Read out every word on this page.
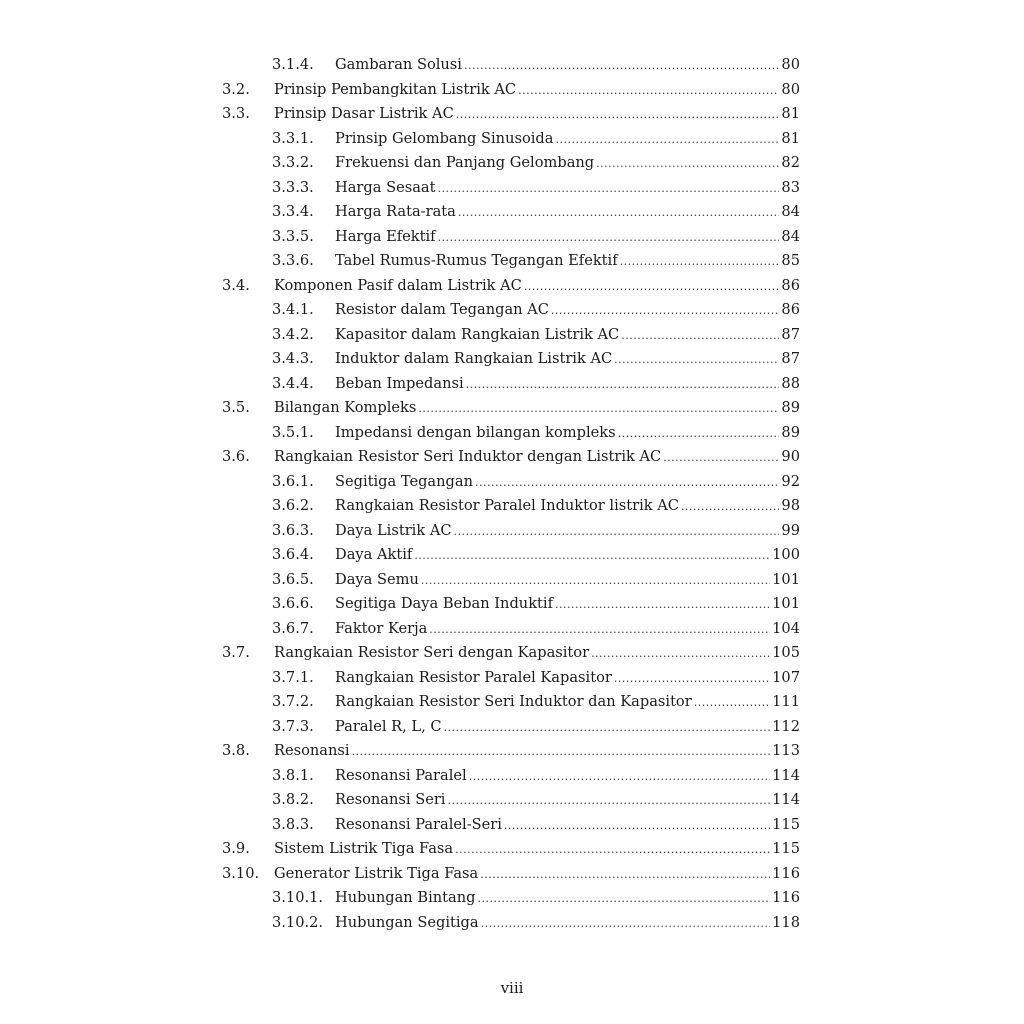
3.1.4. Gambaran Solusi .....	80
3.2. Prinsip Pembangkitan Listrik AC .....	80
3.3. Prinsip Dasar Listrik AC .....	81
3.3.1. Prinsip Gelombang Sinusoida .....	81
3.3.2. Frekuensi dan Panjang Gelombang .....	82
3.3.3. Harga Sesaat .....	83
3.3.4. Harga Rata-rata .....	84
3.3.5. Harga Efektif .....	84
3.3.6. Tabel Rumus-Rumus Tegangan Efektif .....	85
3.4. Komponen Pasif dalam Listrik AC .....	86
3.4.1. Resistor dalam Tegangan AC .....	86
3.4.2. Kapasitor dalam Rangkaian Listrik AC .....	87
3.4.3. Induktor dalam Rangkaian Listrik AC .....	87
3.4.4. Beban Impedansi .....	88
3.5. Bilangan Kompleks .....	89
3.5.1. Impedansi dengan bilangan kompleks .....	89
3.6. Rangkaian Resistor Seri Induktor dengan Listrik AC .....	90
3.6.1. Segitiga Tegangan .....	92
3.6.2. Rangkaian Resistor Paralel Induktor listrik AC .....	98
3.6.3. Daya Listrik AC .....	99
3.6.4. Daya Aktif .....	100
3.6.5. Daya Semu .....	101
3.6.6. Segitiga Daya Beban Induktif .....	101
3.6.7. Faktor Kerja .....	104
3.7. Rangkaian Resistor Seri dengan Kapasitor .....	105
3.7.1. Rangkaian Resistor Paralel Kapasitor .....	107
3.7.2. Rangkaian Resistor Seri Induktor dan Kapasitor .....	111
3.7.3. Paralel R, L, C .....	112
3.8. Resonansi .....	113
3.8.1. Resonansi Paralel .....	114
3.8.2. Resonansi Seri .....	114
3.8.3. Resonansi Paralel-Seri .....	115
3.9. Sistem Listrik Tiga Fasa .....	115
3.10. Generator Listrik Tiga Fasa .....	116
3.10.1. Hubungan Bintang .....	116
3.10.2. Hubungan Segitiga .....	118
viii
